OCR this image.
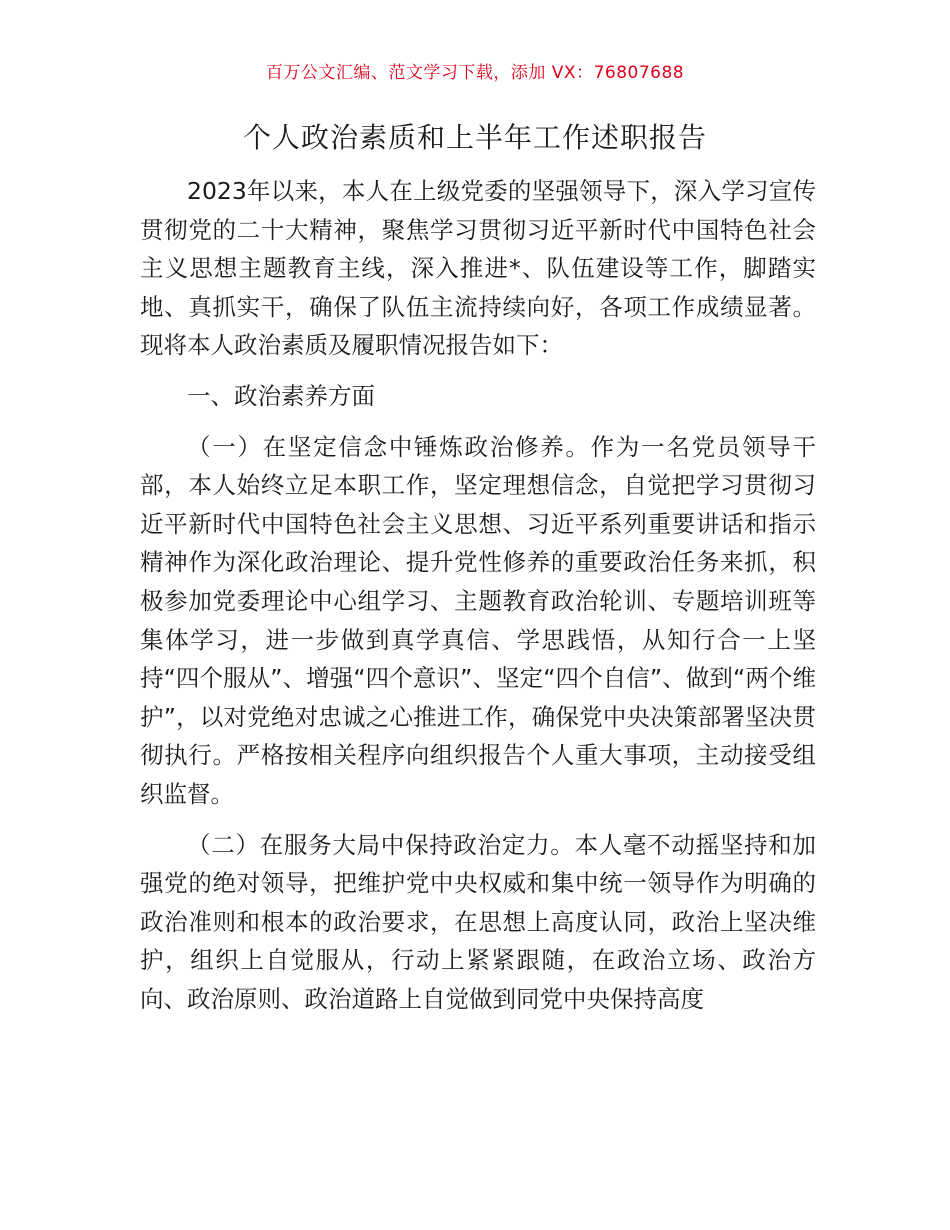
百万公文汇编、范文学习下载，添加 VX：76807688
个人政治素质和上半年工作述职报告

2023年以来，本人在上级党委的坚强领导下，深入学习宣传贯彻党的二十大精神，聚焦学习贯彻习近平新时代中国特色社会主义思想主题教育主线，深入推进*、队伍建设等工作，脚踏实地、真抓实干，确保了队伍主流持续向好，各项工作成绩显著。现将本人政治素质及履职情况报告如下：

一、政治素养方面

（一）在坚定信念中锤炼政治修养。作为一名党员领导干部，本人始终立足本职工作，坚定理想信念，自觉把学习贯彻习近平新时代中国特色社会主义思想、习近平系列重要讲话和指示精神作为深化政治理论、提升党性修养的重要政治任务来抓，积极参加党委理论中心组学习、主题教育政治轮训、专题培训班等集体学习，进一步做到真学真信、学思践悟，从知行合一上坚持“四个服从”、增强“四个意识”、坚定“四个自信”、做到“两个维护”，以对党绝对忠诚之心推进工作，确保党中央决策部署坚决贯彻执行。严格按相关程序向组织报告个人重大事项，主动接受组织监督。

（二）在服务大局中保持政治定力。本人毫不动摇坚持和加强党的绝对领导，把维护党中央权威和集中统一领导作为明确的政治准则和根本的政治要求，在思想上高度认同，政治上坚决维护，组织上自觉服从，行动上紧紧跟随，在政治立场、政治方向、政治原则、政治道路上自觉做到同党中央保持高度
